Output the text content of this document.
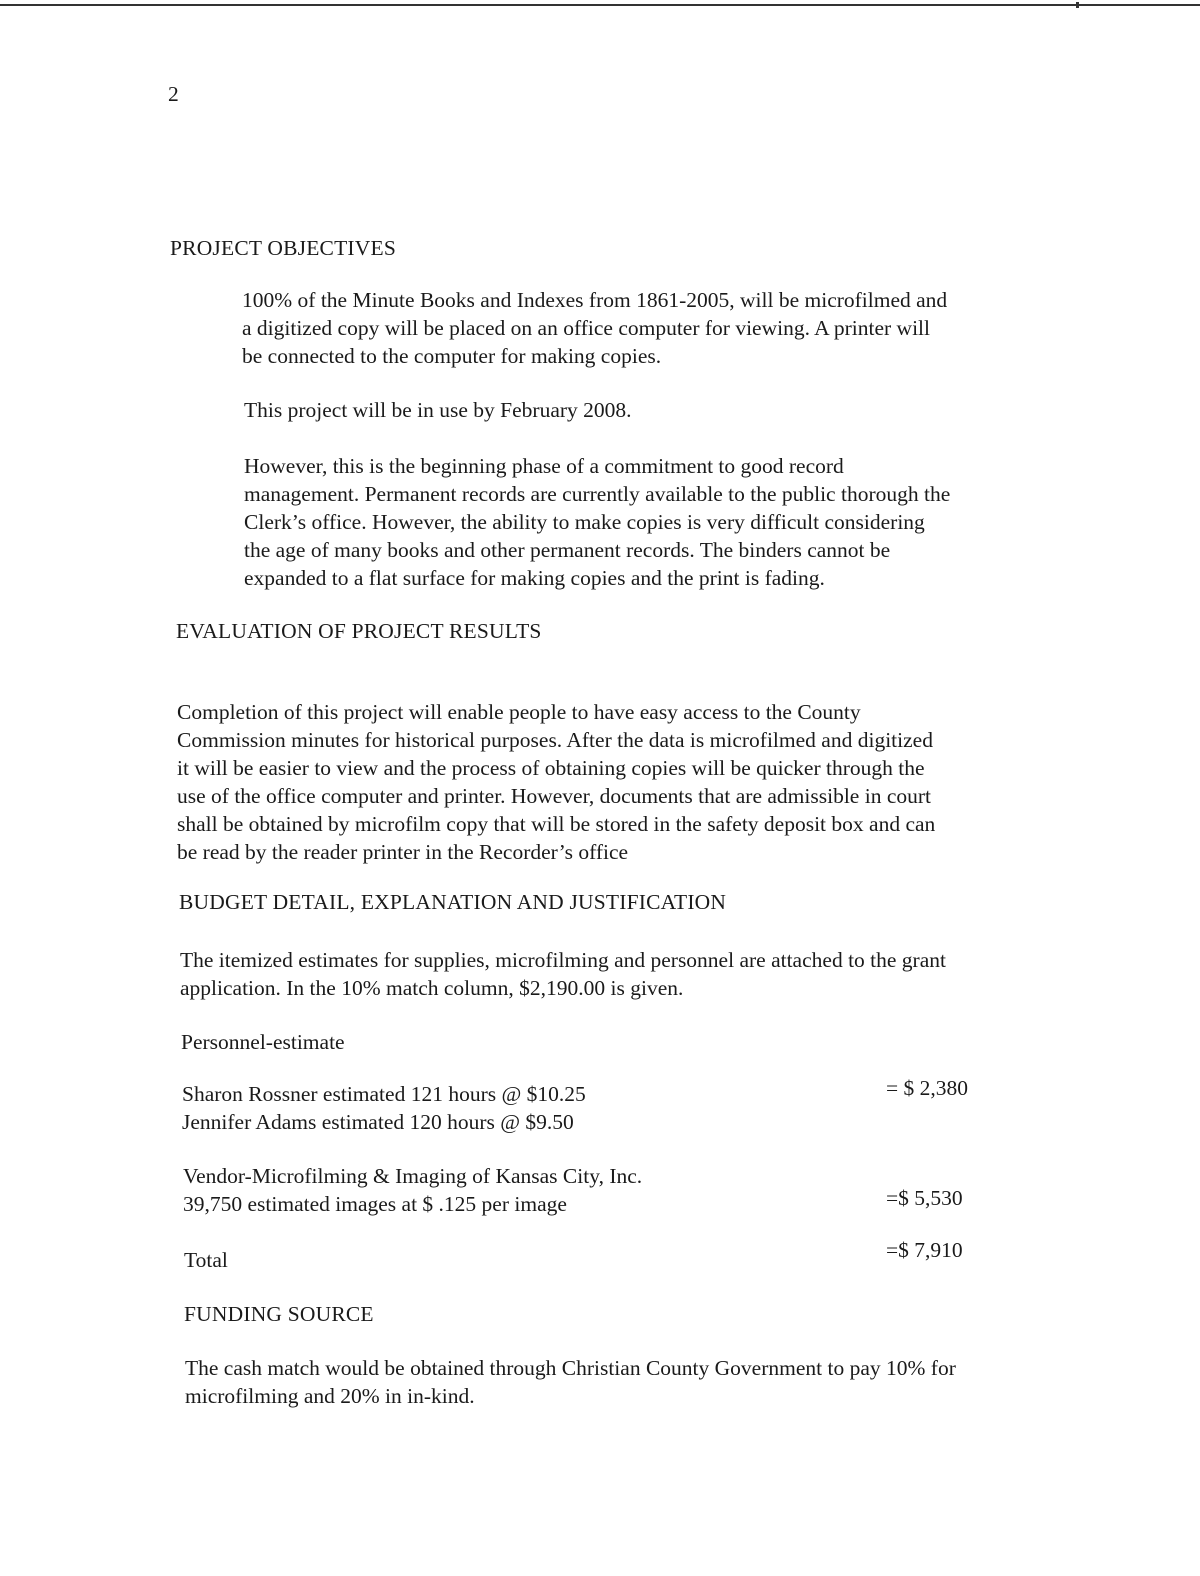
2
PROJECT OBJECTIVES
100% of the Minute Books and Indexes from 1861-2005, will be microfilmed and
a digitized copy will be placed on an office computer for viewing. A printer will
be connected to the computer for making copies.
This project will be in use by February 2008.
However, this is the beginning phase of a commitment to good record
management. Permanent records are currently available to the public thorough the
Clerk’s office. However, the ability to make copies is very difficult considering
the age of many books and other permanent records. The binders cannot be
expanded to a flat surface for making copies and the print is fading.
EVALUATION OF PROJECT RESULTS
Completion of this project will enable people to have easy access to the County
Commission minutes for historical purposes. After the data is microfilmed and digitized
it will be easier to view and the process of obtaining copies will be quicker through the
use of the office computer and printer. However, documents that are admissible in court
shall be obtained by microfilm copy that will be stored in the safety deposit box and can
be read by the reader printer in the Recorder’s office
BUDGET DETAIL, EXPLANATION AND JUSTIFICATION
The itemized estimates for supplies, microfilming and personnel are attached to the grant
application. In the 10% match column, $2,190.00 is given.
Personnel-estimate
Sharon Rossner estimated 121 hours @ $10.25
Jennifer Adams estimated 120 hours @ $9.50
= $ 2,380
Vendor-Microfilming & Imaging of Kansas City, Inc.
39,750 estimated images at $ .125 per image	=$ 5,530
Total	=$ 7,910
FUNDING SOURCE
The cash match would be obtained through Christian County Government to pay 10% for
microfilming and 20% in in-kind.
